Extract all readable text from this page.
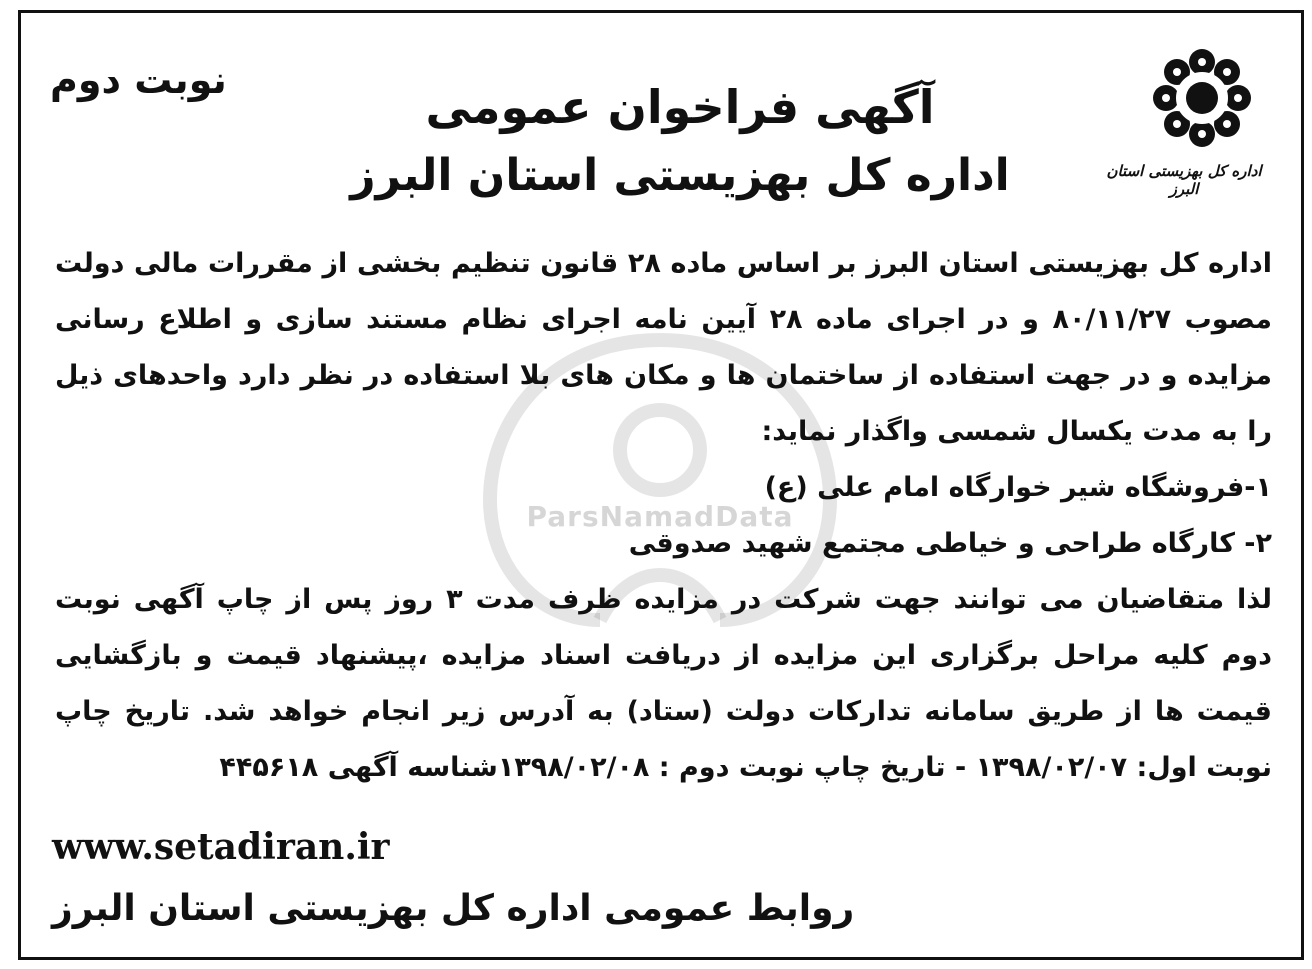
اداره کل بهزیستی استان البرز
نوبت دوم	آگهی فراخوان عمومی
اداره کل بهزیستی استان البرز
ParsNamadData

اداره کل بهزیستی استان البرز بر اساس ماده ۲۸ قانون تنظیم بخشی از مقررات مالی دولت مصوب ۸۰/۱۱/۲۷ و در اجرای ماده ۲۸ آیین نامه اجرای نظام مستند سازی و اطلاع رسانی مزایده و در جهت استفاده از ساختمان ها و مکان های بلا استفاده در نظر دارد واحدهای ذیل را به مدت یکسال شمسی واگذار نماید:

۱-فروشگاه شیر خوارگاه امام علی (ع)

۲- کارگاه طراحی و خیاطی مجتمع شهید صدوقی

لذا متقاضیان می توانند جهت شرکت در مزایده ظرف مدت ۳ روز پس از چاپ آگهی نوبت دوم کلیه مراحل برگزاری این مزایده از دریافت اسناد مزایده ،پیشنهاد قیمت و بازگشایی قیمت ها از طریق سامانه تدارکات دولت (ستاد) به آدرس زیر انجام خواهد شد. تاریخ چاپ نوبت اول: ۱۳۹۸/۰۲/۰۷ - تاریخ چاپ نوبت دوم : ۱۳۹۸/۰۲/۰۸شناسه آگهی ۴۴۵۶۱۸

www.setadiran.ir
روابط عمومی اداره کل بهزیستی استان البرز
